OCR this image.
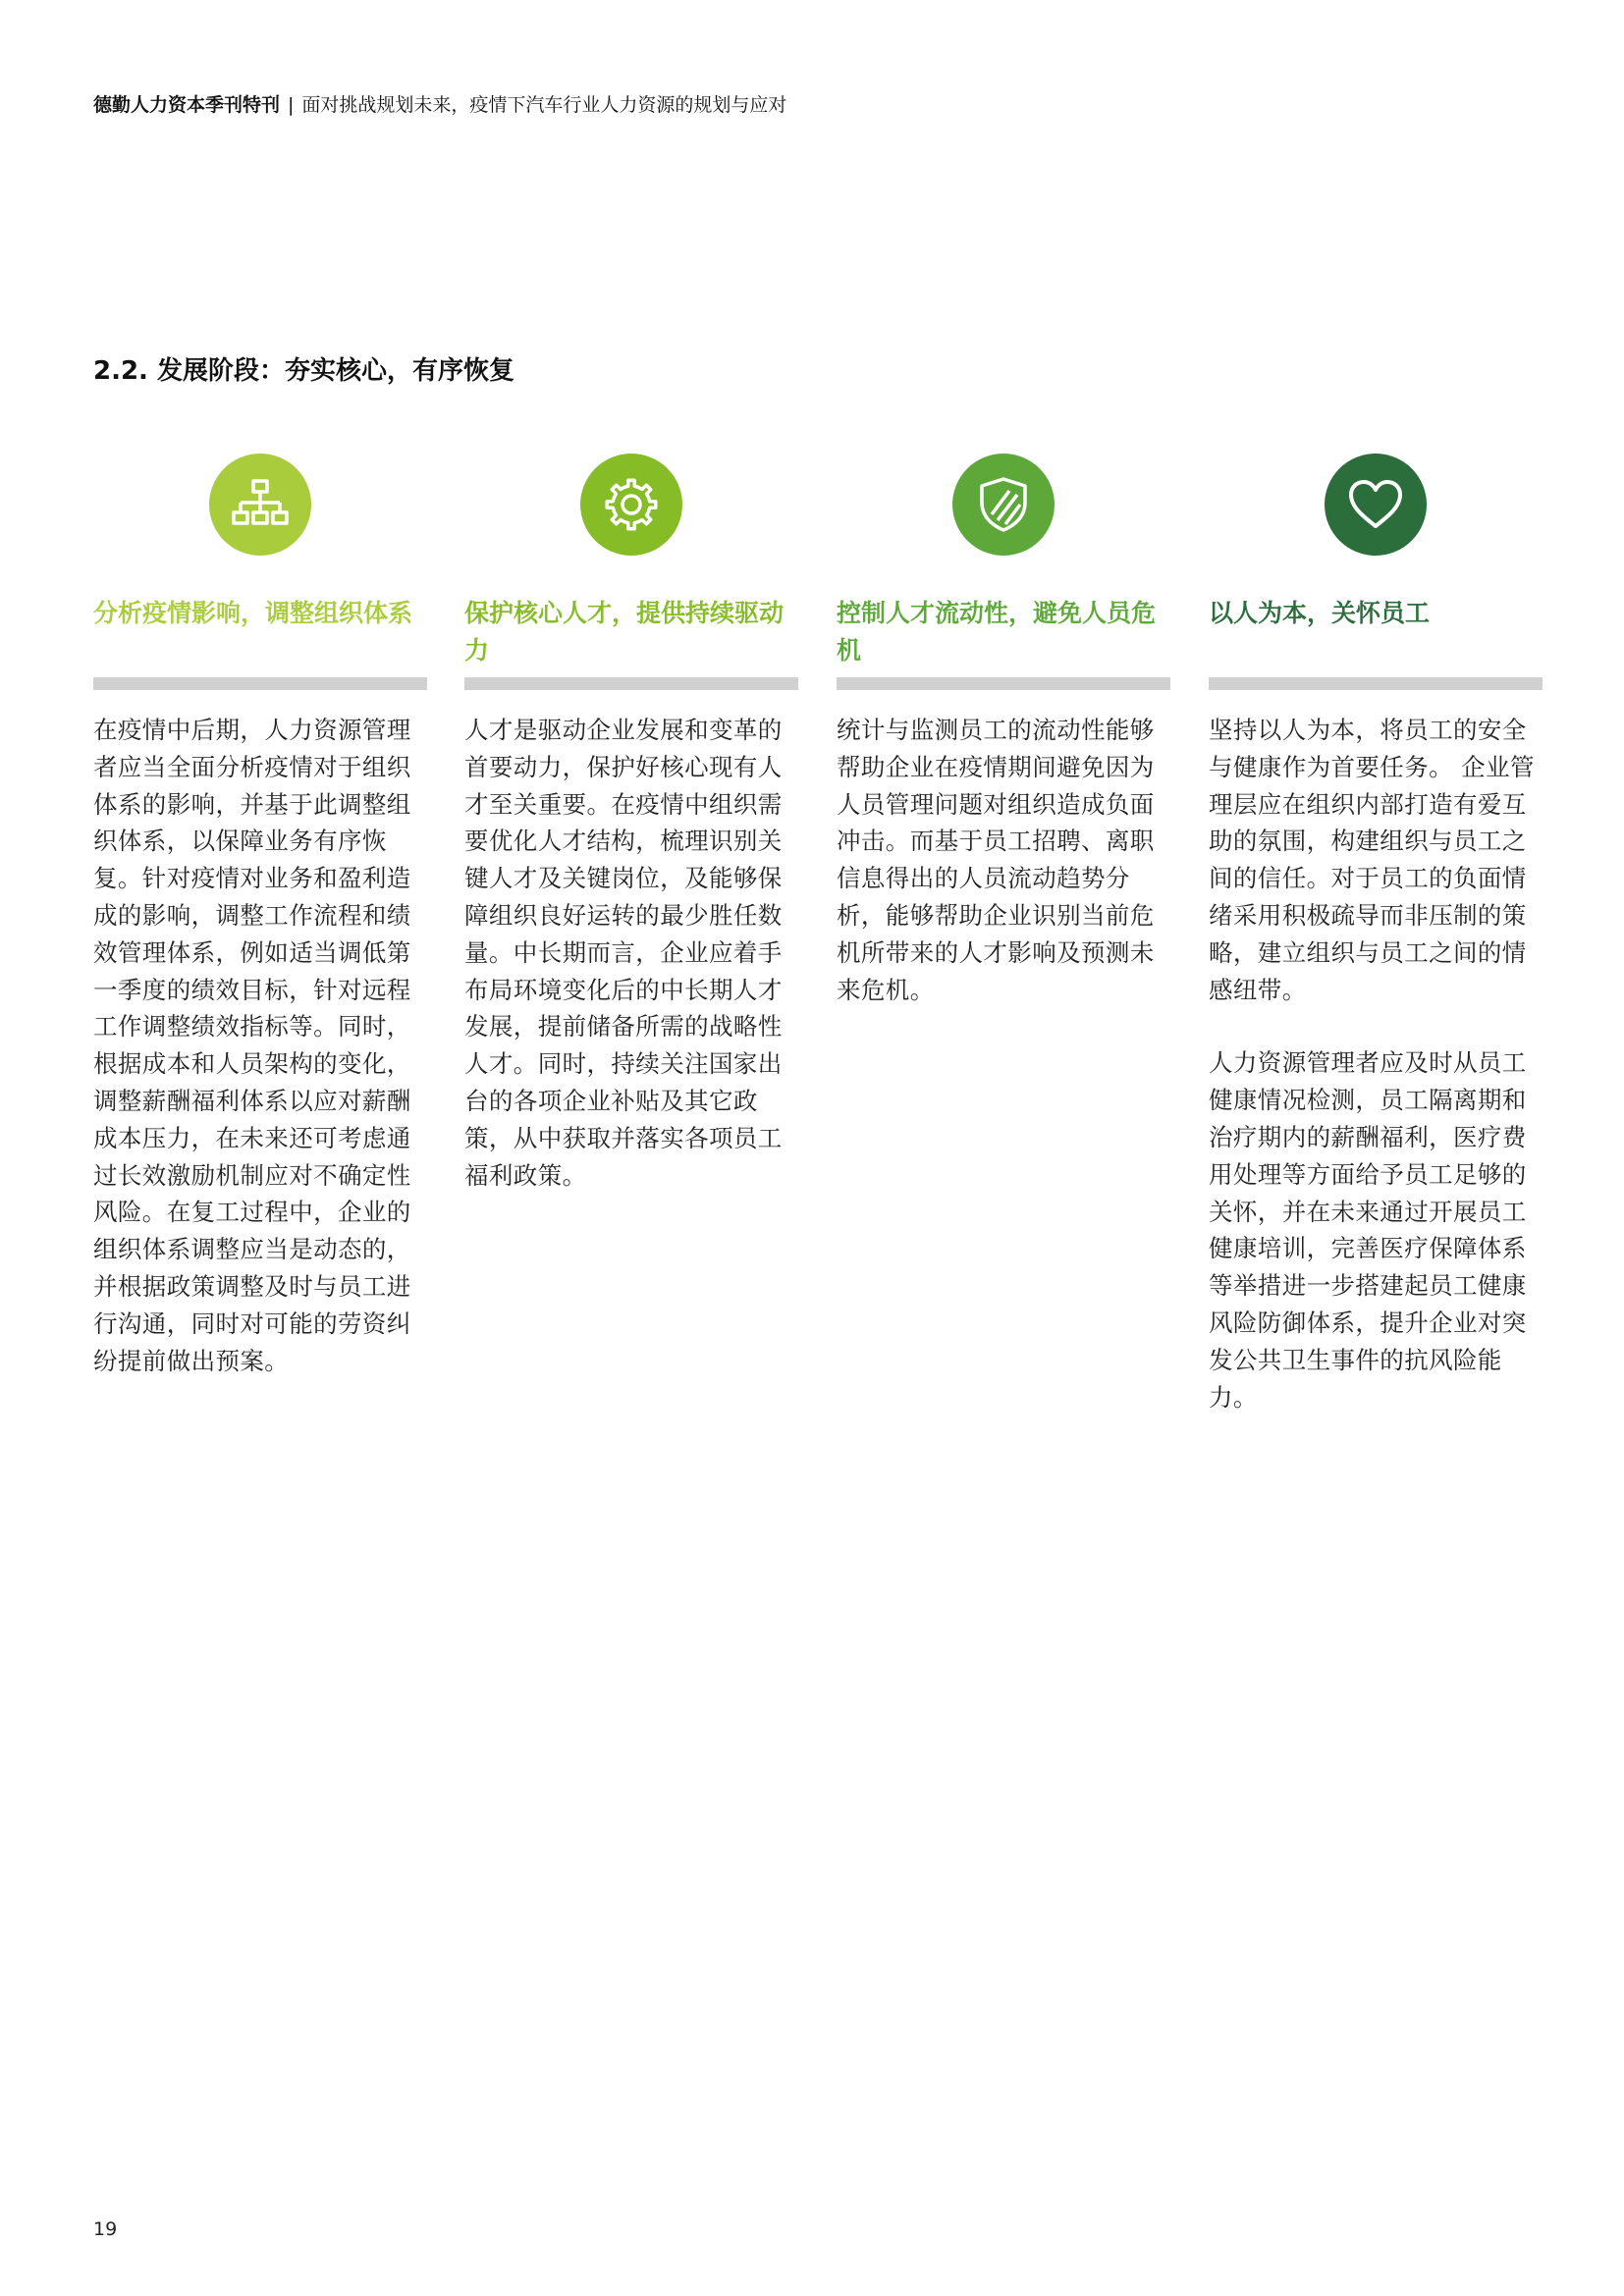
德勤人力资本季刊特刊 | 面对挑战规划未来，疫情下汽车行业人力资源的规划与应对
2.2. 发展阶段：夯实核心，有序恢复
分析疫情影响，调整组织体系

在疫情中后期，人力资源管理者应当全面分析疫情对于组织体系的影响，并基于此调整组织体系，以保障业务有序恢复。针对疫情对业务和盈利造成的影响，调整工作流程和绩效管理体系，例如适当调低第一季度的绩效目标，针对远程工作调整绩效指标等。同时，根据成本和人员架构的变化，调整薪酬福利体系以应对薪酬成本压力，在未来还可考虑通过长效激励机制应对不确定性风险。在复工过程中，企业的组织体系调整应当是动态的，并根据政策调整及时与员工进行沟通，同时对可能的劳资纠纷提前做出预案。

保护核心人才，提供持续驱动力

人才是驱动企业发展和变革的首要动力，保护好核心现有人才至关重要。在疫情中组织需要优化人才结构，梳理识别关键人才及关键岗位，及能够保障组织良好运转的最少胜任数量。中长期而言，企业应着手布局环境变化后的中长期人才发展，提前储备所需的战略性人才。同时，持续关注国家出台的各项企业补贴及其它政策，从中获取并落实各项员工福利政策。

控制人才流动性，避免人员危机

统计与监测员工的流动性能够帮助企业在疫情期间避免因为人员管理问题对组织造成负面冲击。而基于员工招聘、离职信息得出的人员流动趋势分析，能够帮助企业识别当前危机所带来的人才影响及预测未来危机。

以人为本，关怀员工

坚持以人为本，将员工的安全与健康作为首要任务。 企业管理层应在组织内部打造有爱互助的氛围，构建组织与员工之间的信任。对于员工的负面情绪采用积极疏导而非压制的策略，建立组织与员工之间的情感纽带。

人力资源管理者应及时从员工健康情况检测，员工隔离期和治疗期内的薪酬福利，医疗费用处理等方面给予员工足够的关怀，并在未来通过开展员工健康培训，完善医疗保障体系等举措进一步搭建起员工健康风险防御体系，提升企业对突发公共卫生事件的抗风险能力。

19
